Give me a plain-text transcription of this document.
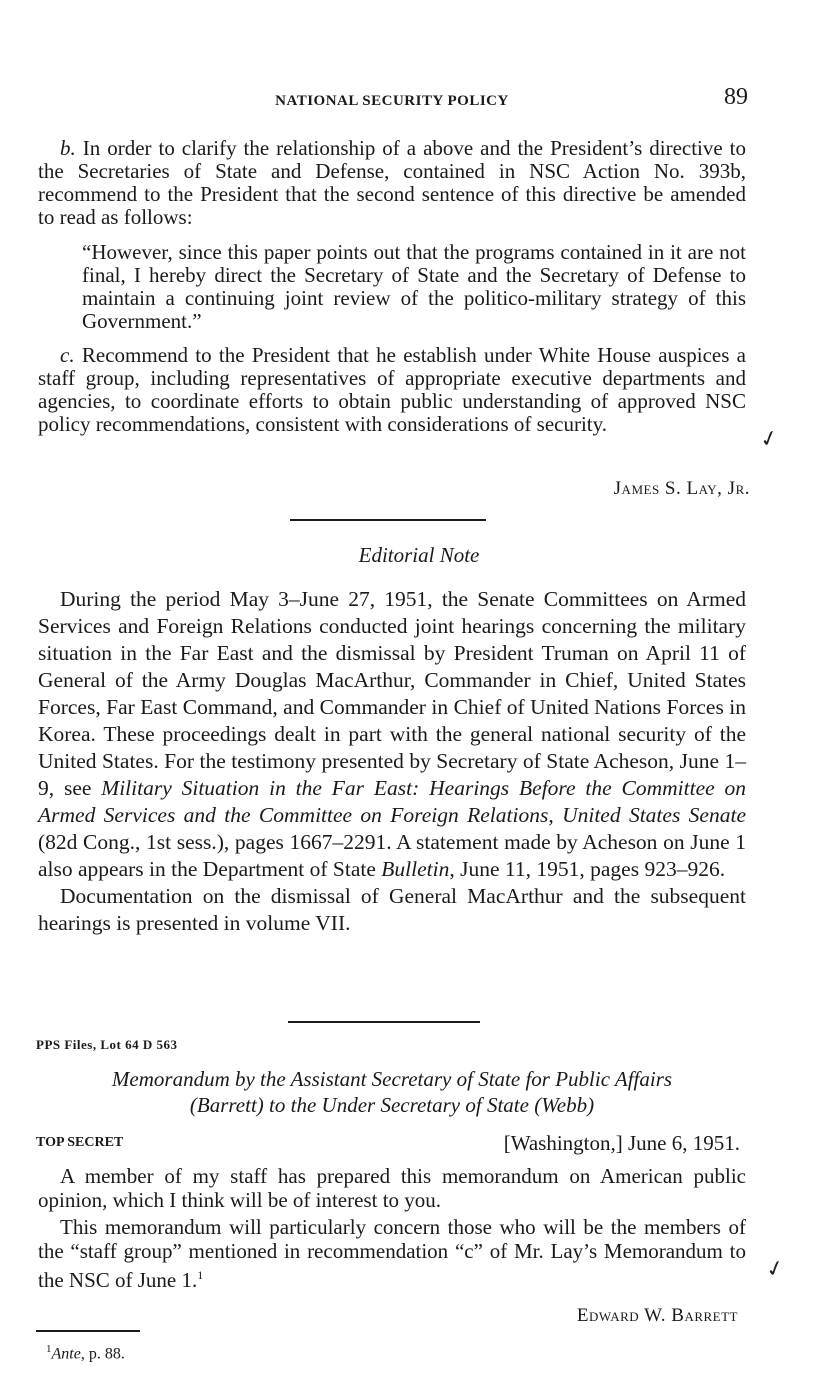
NATIONAL SECURITY POLICY	89

b. In order to clarify the relationship of a above and the President’s directive to the Secretaries of State and Defense, contained in NSC Action No. 393b, recommend to the President that the second sentence of this directive be amended to read as follows:

“However, since this paper points out that the programs contained in it are not final, I hereby direct the Secretary of State and the Secretary of Defense to maintain a continuing joint review of the politico-military strategy of this Government.”

c. Recommend to the President that he establish under White House auspices a staff group, including representatives of appropriate executive departments and agencies, to coordinate efforts to obtain public understanding of approved NSC policy recommendations, consistent with considerations of security.

✓
James S. Lay, Jr.
Editorial Note

During the period May 3–June 27, 1951, the Senate Committees on Armed Services and Foreign Relations conducted joint hearings concerning the military situation in the Far East and the dismissal by President Truman on April 11 of General of the Army Douglas MacArthur, Commander in Chief, United States Forces, Far East Command, and Commander in Chief of United Nations Forces in Korea. These proceedings dealt in part with the general national security of the United States. For the testimony presented by Secretary of State Acheson, June 1–9, see Military Situation in the Far East: Hearings Before the Committee on Armed Services and the Committee on Foreign Relations, United States Senate (82d Cong., 1st sess.), pages 1667–2291. A statement made by Acheson on June 1 also appears in the Department of State Bulletin, June 11, 1951, pages 923–926.

Documentation on the dismissal of General MacArthur and the subsequent hearings is presented in volume VII.

PPS Files, Lot 64 D 563
Memorandum by the Assistant Secretary of State for Public Affairs
(Barrett) to the Under Secretary of State (Webb)
TOP SECRET	[Washington,] June 6, 1951.

A member of my staff has prepared this memorandum on American public opinion, which I think will be of interest to you.

This memorandum will particularly concern those who will be the members of the “staff group” mentioned in recommendation “c” of Mr. Lay’s Memorandum to the NSC of June 1.$^1$	✓
Edward W. Barrett
$^1$Ante, p. 88.
